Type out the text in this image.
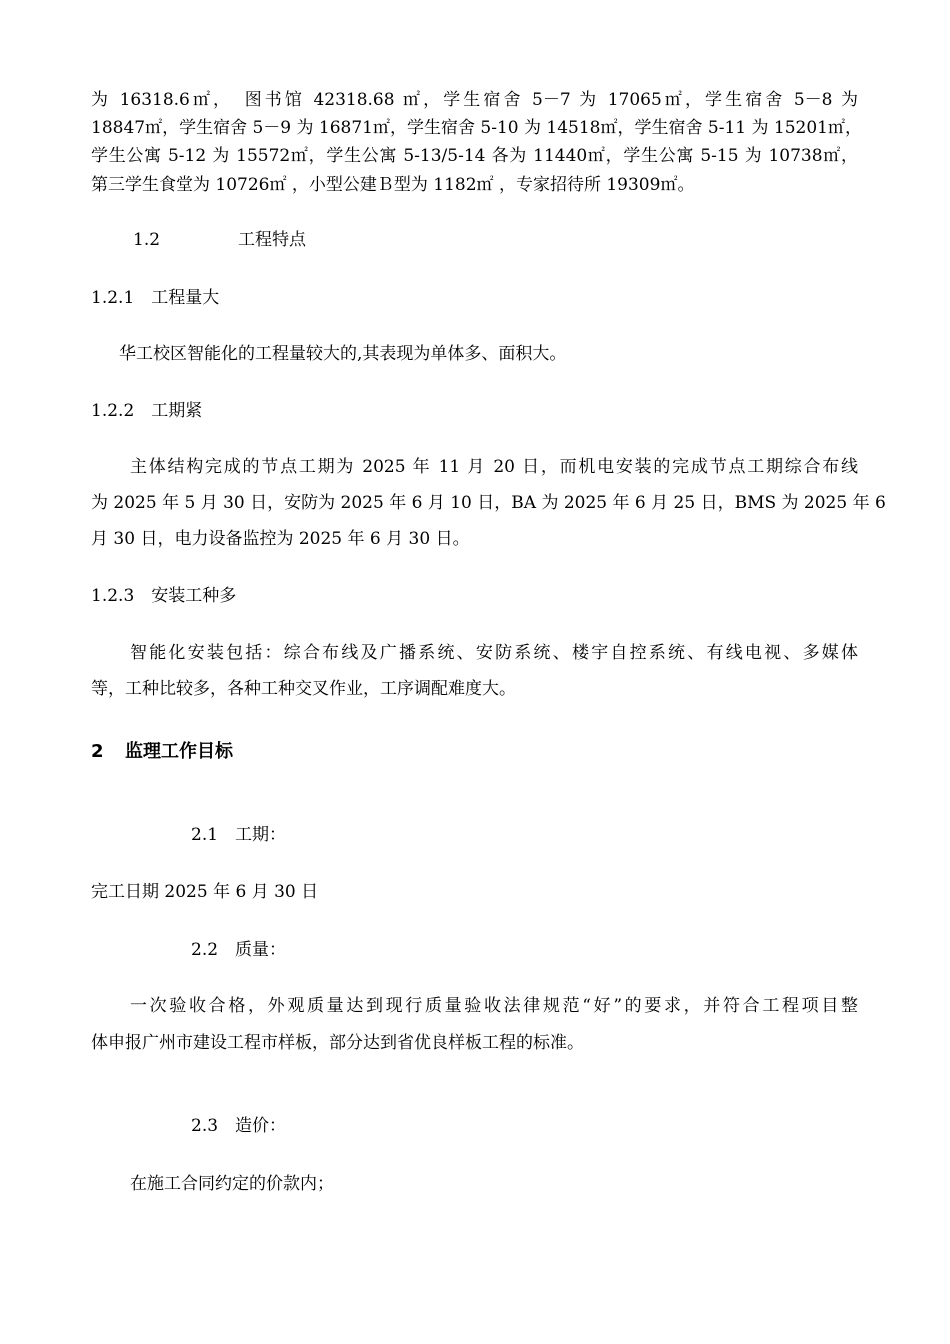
为 16318.6㎡，　图书馆 42318.68 ㎡，学生宿舍 5－7 为 17065㎡，学生宿舍 5－8 为
18847㎡，学生宿舍 5－9 为 16871㎡，学生宿舍 5-10 为 14518㎡，学生宿舍 5-11 为 15201㎡，
学生公寓 5-12 为 15572㎡，学生公寓 5-13/5-14 各为 11440㎡，学生公寓 5-15 为 10738㎡，
第三学生食堂为 10726㎡ ，小型公建Ｂ型为 1182㎡ ，专家招待所 19309㎡。
1.2	工程特点
1.2.1　工程量大
华工校区智能化的工程量较大的,其表现为单体多、面积大。
1.2.2　工期紧
主体结构完成的节点工期为 2025 年 11 月 20 日，而机电安装的完成节点工期综合布线
为 2025 年 5 月 30 日，安防为 2025 年 6 月 10 日，BA 为 2025 年 6 月 25 日，BMS 为 2025 年 6
月 30 日，电力设备监控为 2025 年 6 月 30 日。
1.2.3　安装工种多
智能化安装包括：综合布线及广播系统、安防系统、楼宇自控系统、有线电视、多媒体
等，工种比较多，各种工种交叉作业，工序调配难度大。
2 监理工作目标
2.1　工期：
完工日期 2025 年 6 月 30 日
2.2　质量：
一次验收合格，外观质量达到现行质量验收法律规范“好”的要求，并符合工程项目整
体申报广州市建设工程市样板，部分达到省优良样板工程的标准。
2.3　造价：
在施工合同约定的价款内；
